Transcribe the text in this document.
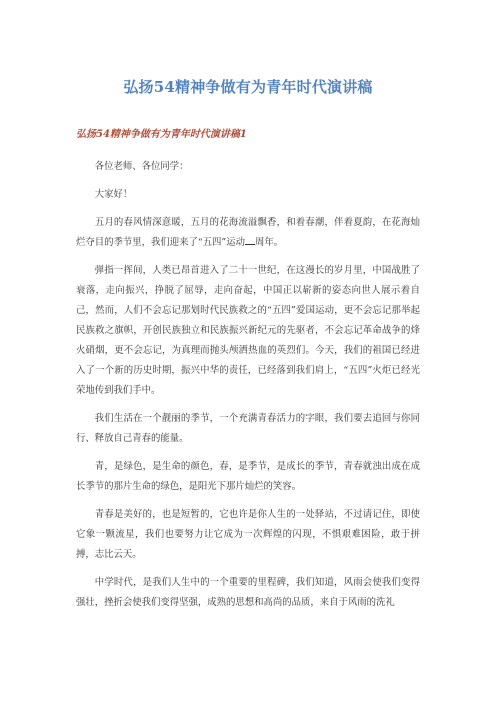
弘扬54精神争做有为青年时代演讲稿
弘扬54精神争做有为青年时代演讲稿1

各位老师、各位同学：

大家好！

五月的春风情深意暖，五月的花海流溢飘香，和着春潮，伴着夏韵，在花海灿烂夺目的季节里，我们迎来了“五四”运动 周年。

弹指一挥间，人类已昂首进入了二十一世纪，在这漫长的岁月里，中国战胜了衰落，走向振兴，挣脱了屈辱，走向奋起，中国正以崭新的姿态向世人展示着自己，然而，人们不会忘记那划时代民族救之的“五四”爱国运动，更不会忘记那举起民族救之旗帜，开创民族独立和民族振兴新纪元的先驱者，不会忘记革命战争的烽火硝烟，更不会忘记，为真理而抛头颅洒热血的英烈们。今天，我们的祖国已经进入了一个新的历史时期，振兴中华的责任，已经落到我们肩上，“五四”火炬已经光荣地传到我们手中。

我们生活在一个靓丽的季节，一个充满青春活力的字眼，我们要去追回与你同行、释放自己青春的能量。

青，是绿色，是生命的颜色，春，是季节，是成长的季节，青春就浊出成在成长季节的那片生命的绿色，是阳光下那片灿烂的笑容。

青春是美好的，也是短暂的，它也许是你人生的一处驿站，不过请记住，即使它象一颗流星，我们也要努力让它成为一次辉煌的闪现，不惧艰难困险，敢于拼搏，志比云天。

中学时代，是我们人生中的一个重要的里程碑，我们知道，风雨会使我们变得强壮，挫折会使我们变得坚强，成熟的思想和高尚的品质，来自于风雨的洗礼
